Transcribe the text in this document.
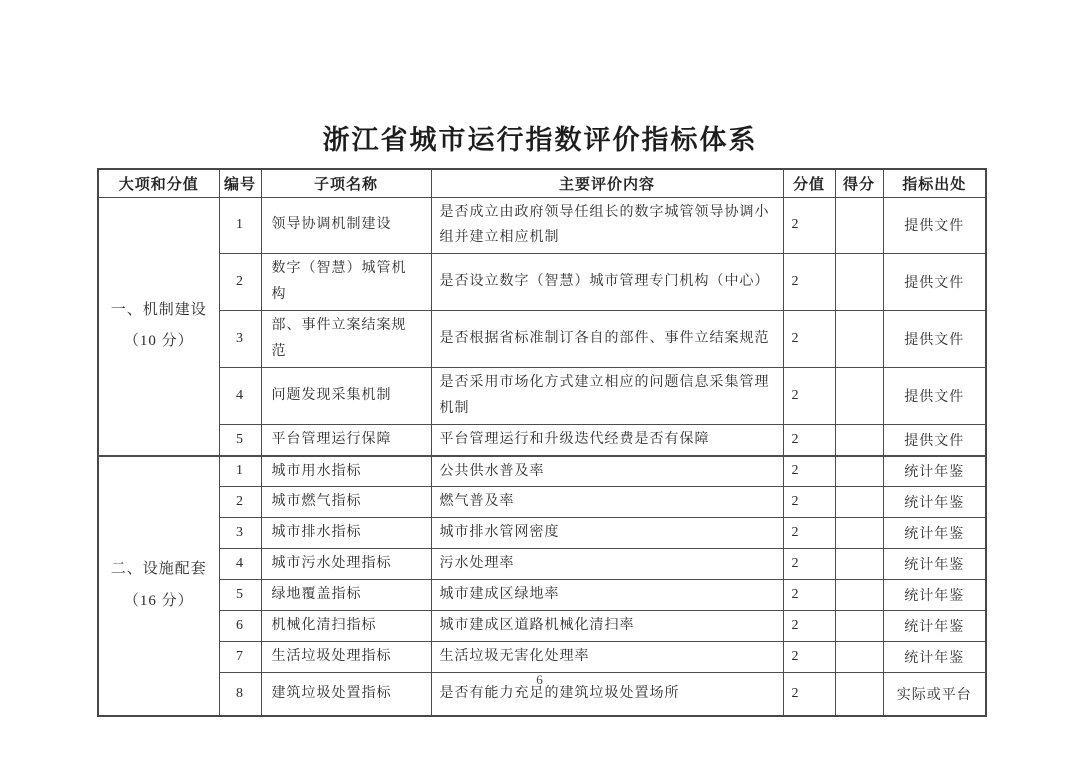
浙江省城市运行指数评价指标体系
大项和分值	编号	子项名称	主要评价内容	分值	得分	指标出处

一、机制建设
（10 分）	1	领导协调机制建设	是否成立由政府领导任组长的数字城管领导协调小组并建立相应机制	2		提供文件
	2	数字（智慧）城管机构	是否设立数字（智慧）城市管理专门机构（中心）	2		提供文件
	3	部、事件立案结案规范	是否根据省标准制订各自的部件、事件立结案规范	2		提供文件
	4	问题发现采集机制	是否采用市场化方式建立相应的问题信息采集管理机制	2		提供文件
	5	平台管理运行保障	平台管理运行和升级迭代经费是否有保障	2		提供文件

二、设施配套
（16 分）	1	城市用水指标	公共供水普及率	2		统计年鉴
	2	城市燃气指标	燃气普及率	2		统计年鉴
	3	城市排水指标	城市排水管网密度	2		统计年鉴
	4	城市污水处理指标	污水处理率	2		统计年鉴
	5	绿地覆盖指标	城市建成区绿地率	2		统计年鉴
	6	机械化清扫指标	城市建成区道路机械化清扫率	2		统计年鉴
	7	生活垃圾处理指标	生活垃圾无害化处理率	2		统计年鉴
	8	建筑垃圾处置指标	是否有能力充足的建筑垃圾处置场所	2		实际或平台
6
